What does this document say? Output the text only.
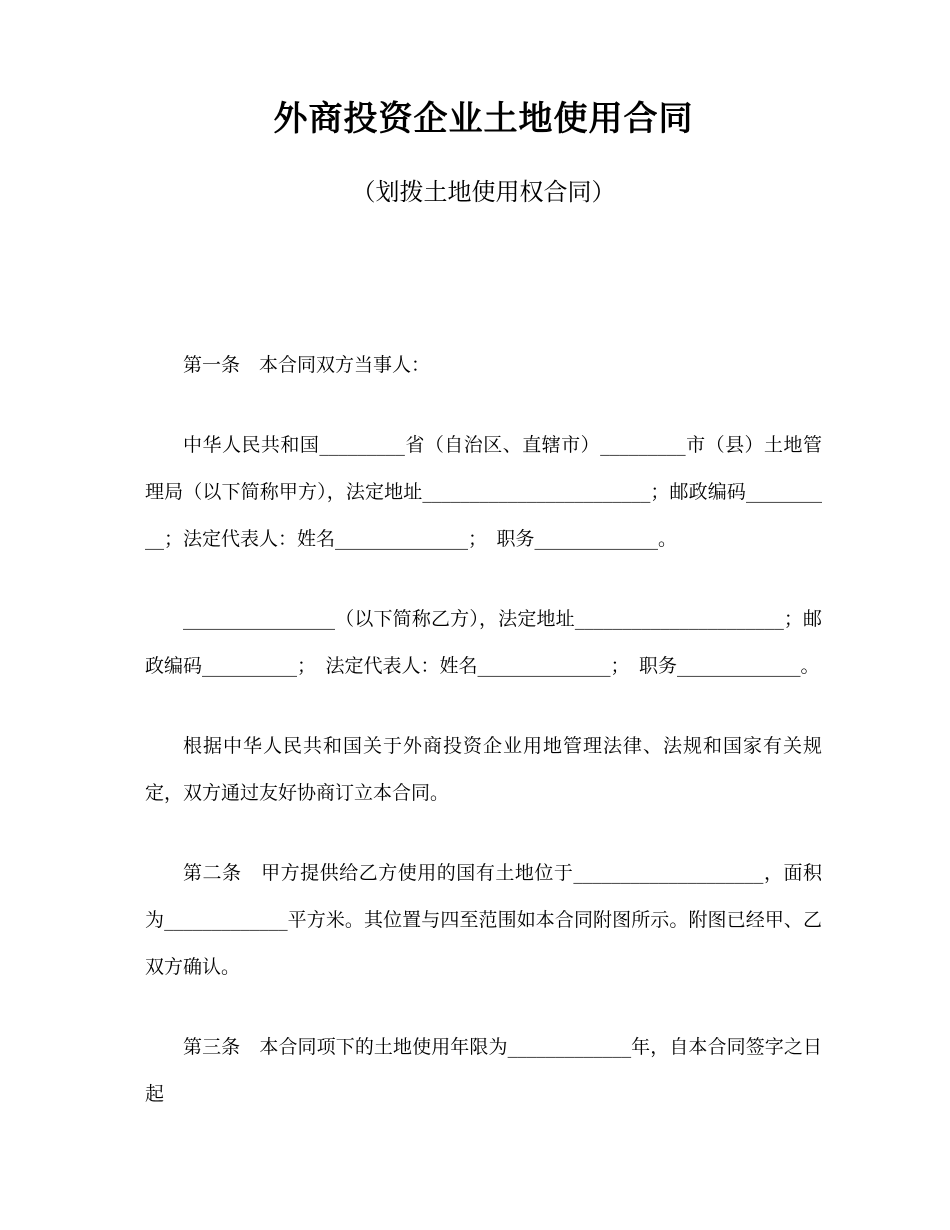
外商投资企业土地使用合同
（划拨土地使用权合同）

第一条　本合同双方当事人：

中华人民共和国_________省（自治区、直辖市）_________市（县）土地管理局（以下简称甲方），法定地址________________________；邮政编码__________；法定代表人：姓名______________；　职务_____________。

________________（以下简称乙方），法定地址______________________；邮政编码__________；　法定代表人：姓名______________；　职务_____________。

根据中华人民共和国关于外商投资企业用地管理法律、法规和国家有关规定，双方通过友好协商订立本合同。

第二条　甲方提供给乙方使用的国有土地位于____________________，面积为_____________平方米。其位置与四至范围如本合同附图所示。附图已经甲、乙双方确认。

第三条　本合同项下的土地使用年限为_____________年，自本合同签字之日起
